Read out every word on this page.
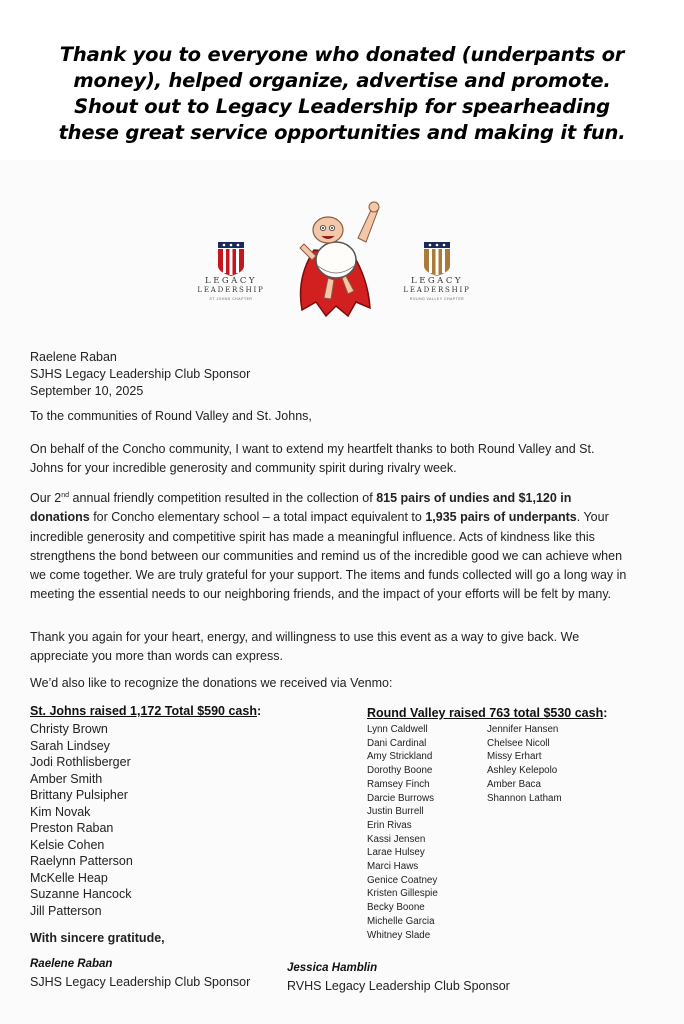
Thank you to everyone who donated (underpants or
money), helped organize, advertise and promote.
Shout out to Legacy Leadership for spearheading
these great service opportunities and making it fun.
LEGACY
LEADERSHIP
ST JOHNS CHAPTER
LEGACY
LEADERSHIP
ROUND VALLEY CHAPTER
Raelene Raban
SJHS Legacy Leadership Club Sponsor
September 10, 2025
To the communities of Round Valley and St. Johns,
On behalf of the Concho community, I want to extend my heartfelt thanks to both Round Valley and St. Johns for your incredible generosity and community spirit during rivalry week.
Our 2nd annual friendly competition resulted in the collection of 815 pairs of undies and $1,120 in donations for Concho elementary school – a total impact equivalent to 1,935 pairs of underpants. Your incredible generosity and competitive spirit has made a meaningful influence. Acts of kindness like this strengthens the bond between our communities and remind us of the incredible good we can achieve when we come together. We are truly grateful for your support. The items and funds collected will go a long way in meeting the essential needs to our neighboring friends, and the impact of your efforts will be felt by many.
Thank you again for your heart, energy, and willingness to use this event as a way to give back. We appreciate you more than words can express.
We’d also like to recognize the donations we received via Venmo:
St. Johns raised 1,172 Total $590 cash:
Christy Brown
Sarah Lindsey
Jodi Rothlisberger
Amber Smith
Brittany Pulsipher
Kim Novak
Preston Raban
Kelsie Cohen
Raelynn Patterson
McKelle Heap
Suzanne Hancock
Jill Patterson
Round Valley raised 763 total $530 cash:
Lynn Caldwell
Dani Cardinal
Amy Strickland
Dorothy Boone
Ramsey Finch
Darcie Burrows
Justin Burrell
Erin Rivas
Kassi Jensen
Larae Hulsey
Marci Haws
Genice Coatney
Kristen Gillespie
Becky Boone
Michelle Garcia
Whitney Slade
Jennifer Hansen
Chelsee Nicoll
Missy Erhart
Ashley Kelepolo
Amber Baca
Shannon Latham
With sincere gratitude,
Raelene Raban
SJHS Legacy Leadership Club Sponsor
Jessica Hamblin
RVHS Legacy Leadership Club Sponsor
